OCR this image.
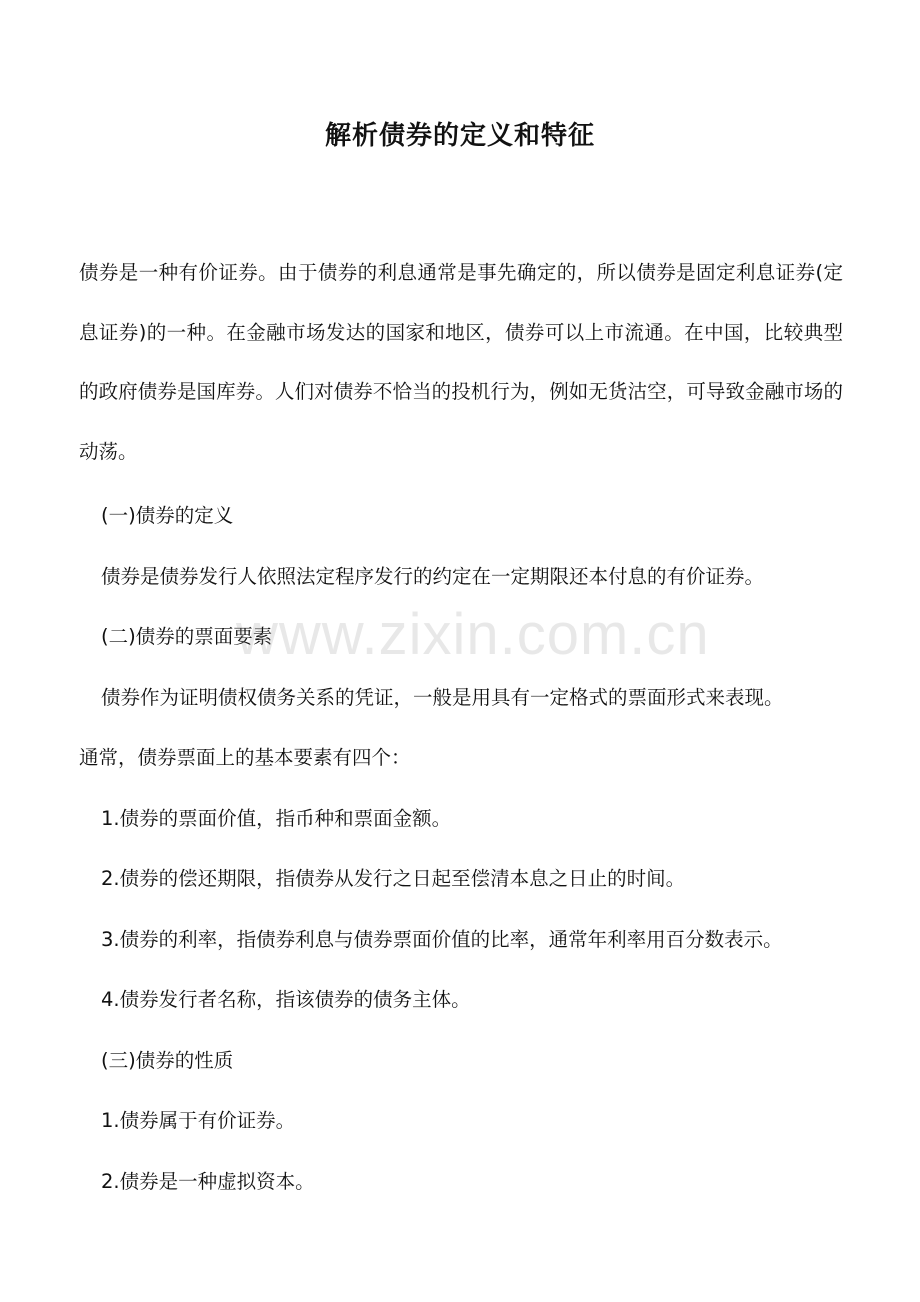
解析债券的定义和特征
债券是一种有价证券。由于债券的利息通常是事先确定的，所以债券是固定利息证券(定息证券)的一种。在金融市场发达的国家和地区，债券可以上市流通。在中国，比较典型的政府债券是国库券。人们对债券不恰当的投机行为，例如无货沽空，可导致金融市场的动荡。
(一)债券的定义
债券是债券发行人依照法定程序发行的约定在一定期限还本付息的有价证券。
(二)债券的票面要素
债券作为证明债权债务关系的凭证，一般是用具有一定格式的票面形式来表现。
通常，债券票面上的基本要素有四个：
1.债券的票面价值，指币种和票面金额。
2.债券的偿还期限，指债券从发行之日起至偿清本息之日止的时间。
3.债券的利率，指债券利息与债券票面价值的比率，通常年利率用百分数表示。
4.债券发行者名称，指该债券的债务主体。
(三)债券的性质
1.债券属于有价证券。
2.债券是一种虚拟资本。
www.zixin.com.cn
